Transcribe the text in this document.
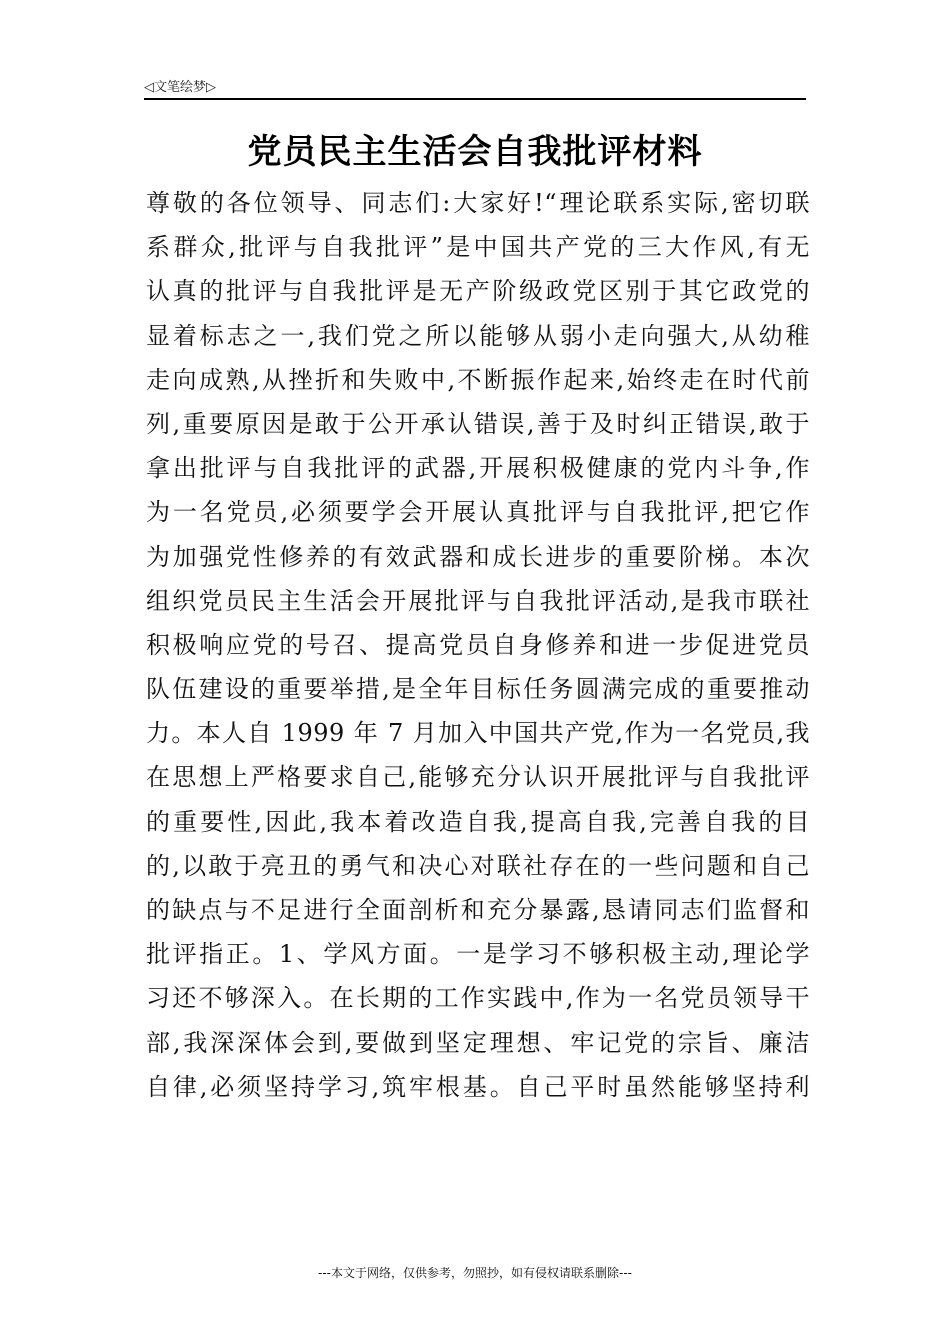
◁文笔绘梦▷
党员民主生活会自我批评材料
尊敬的各位领导、同志们:大家好!“理论联系实际,密切联
系群众,批评与自我批评”是中国共产党的三大作风,有无
认真的批评与自我批评是无产阶级政党区别于其它政党的
显着标志之一,我们党之所以能够从弱小走向强大,从幼稚
走向成熟,从挫折和失败中,不断振作起来,始终走在时代前
列,重要原因是敢于公开承认错误,善于及时纠正错误,敢于
拿出批评与自我批评的武器,开展积极健康的党内斗争,作
为一名党员,必须要学会开展认真批评与自我批评,把它作
为加强党性修养的有效武器和成长进步的重要阶梯。本次
组织党员民主生活会开展批评与自我批评活动,是我市联社
积极响应党的号召、提高党员自身修养和进一步促进党员
队伍建设的重要举措,是全年目标任务圆满完成的重要推动
力。本人自 1999 年 7 月加入中国共产党,作为一名党员,我
在思想上严格要求自己,能够充分认识开展批评与自我批评
的重要性,因此,我本着改造自我,提高自我,完善自我的目
的,以敢于亮丑的勇气和决心对联社存在的一些问题和自己
的缺点与不足进行全面剖析和充分暴露,恳请同志们监督和
批评指正。1、学风方面。一是学习不够积极主动,理论学
习还不够深入。在长期的工作实践中,作为一名党员领导干
部,我深深体会到,要做到坚定理想、牢记党的宗旨、廉洁
自律,必须坚持学习,筑牢根基。自己平时虽然能够坚持利
---本文于网络，仅供参考，勿照抄，如有侵权请联系删除---
